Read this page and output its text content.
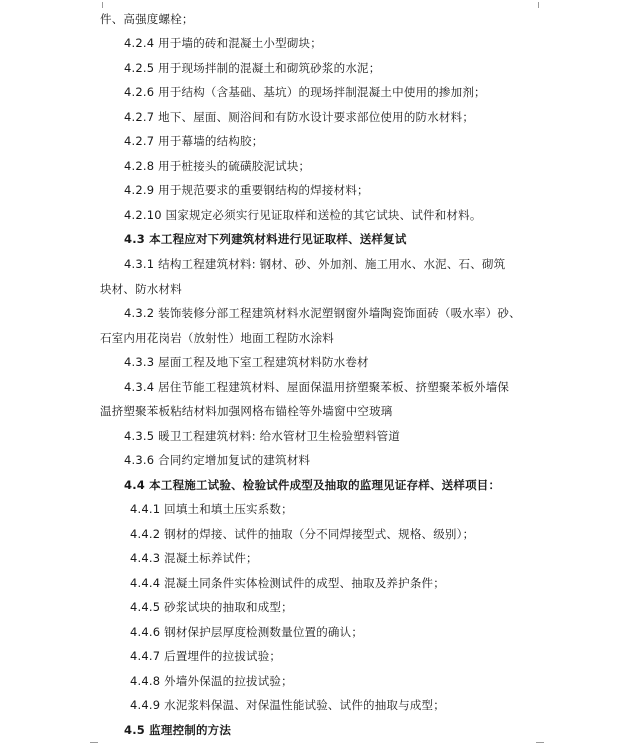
件、高强度螺栓；
4.2.4 用于墙的砖和混凝土小型砌块；
4.2.5 用于现场拌制的混凝土和砌筑砂浆的水泥；
4.2.6 用于结构（含基础、基坑）的现场拌制混凝土中使用的掺加剂；
4.2.7 地下、屋面、厕浴间和有防水设计要求部位使用的防水材料；
4.2.7 用于幕墙的结构胶；
4.2.8 用于桩接头的硫磺胶泥试块；
4.2.9 用于规范要求的重要钢结构的焊接材料；
4.2.10 国家规定必须实行见证取样和送检的其它试块、试件和材料。
4.3 本工程应对下列建筑材料进行见证取样、送样复试
4.3.1 结构工程建筑材料: 钢材、砂、外加剂、施工用水、水泥、石、砌筑
块材、防水材料
4.3.2 装饰装修分部工程建筑材料水泥塑钢窗外墙陶瓷饰面砖（吸水率）砂、
石室内用花岗岩（放射性）地面工程防水涂料
4.3.3 屋面工程及地下室工程建筑材料防水卷材
4.3.4 居住节能工程建筑材料、屋面保温用挤塑聚苯板、挤塑聚苯板外墙保
温挤塑聚苯板粘结材料加强网格布锚栓等外墙窗中空玻璃
4.3.5 暖卫工程建筑材料: 给水管材卫生检验塑料管道
4.3.6 合同约定增加复试的建筑材料
4.4 本工程施工试验、检验试件成型及抽取的监理见证存样、送样项目：
4.4.1 回填土和填土压实系数；
4.4.2 钢材的焊接、试件的抽取（分不同焊接型式、规格、级别）；
4.4.3 混凝土标养试件；
4.4.4 混凝土同条件实体检测试件的成型、抽取及养护条件；
4.4.5 砂浆试块的抽取和成型；
4.4.6 钢材保护层厚度检测数量位置的确认；
4.4.7 后置埋件的拉拔试验；
4.4.8 外墙外保温的拉拔试验；
4.4.9 水泥浆料保温、对保温性能试验、试件的抽取与成型；
4.5 监理控制的方法
